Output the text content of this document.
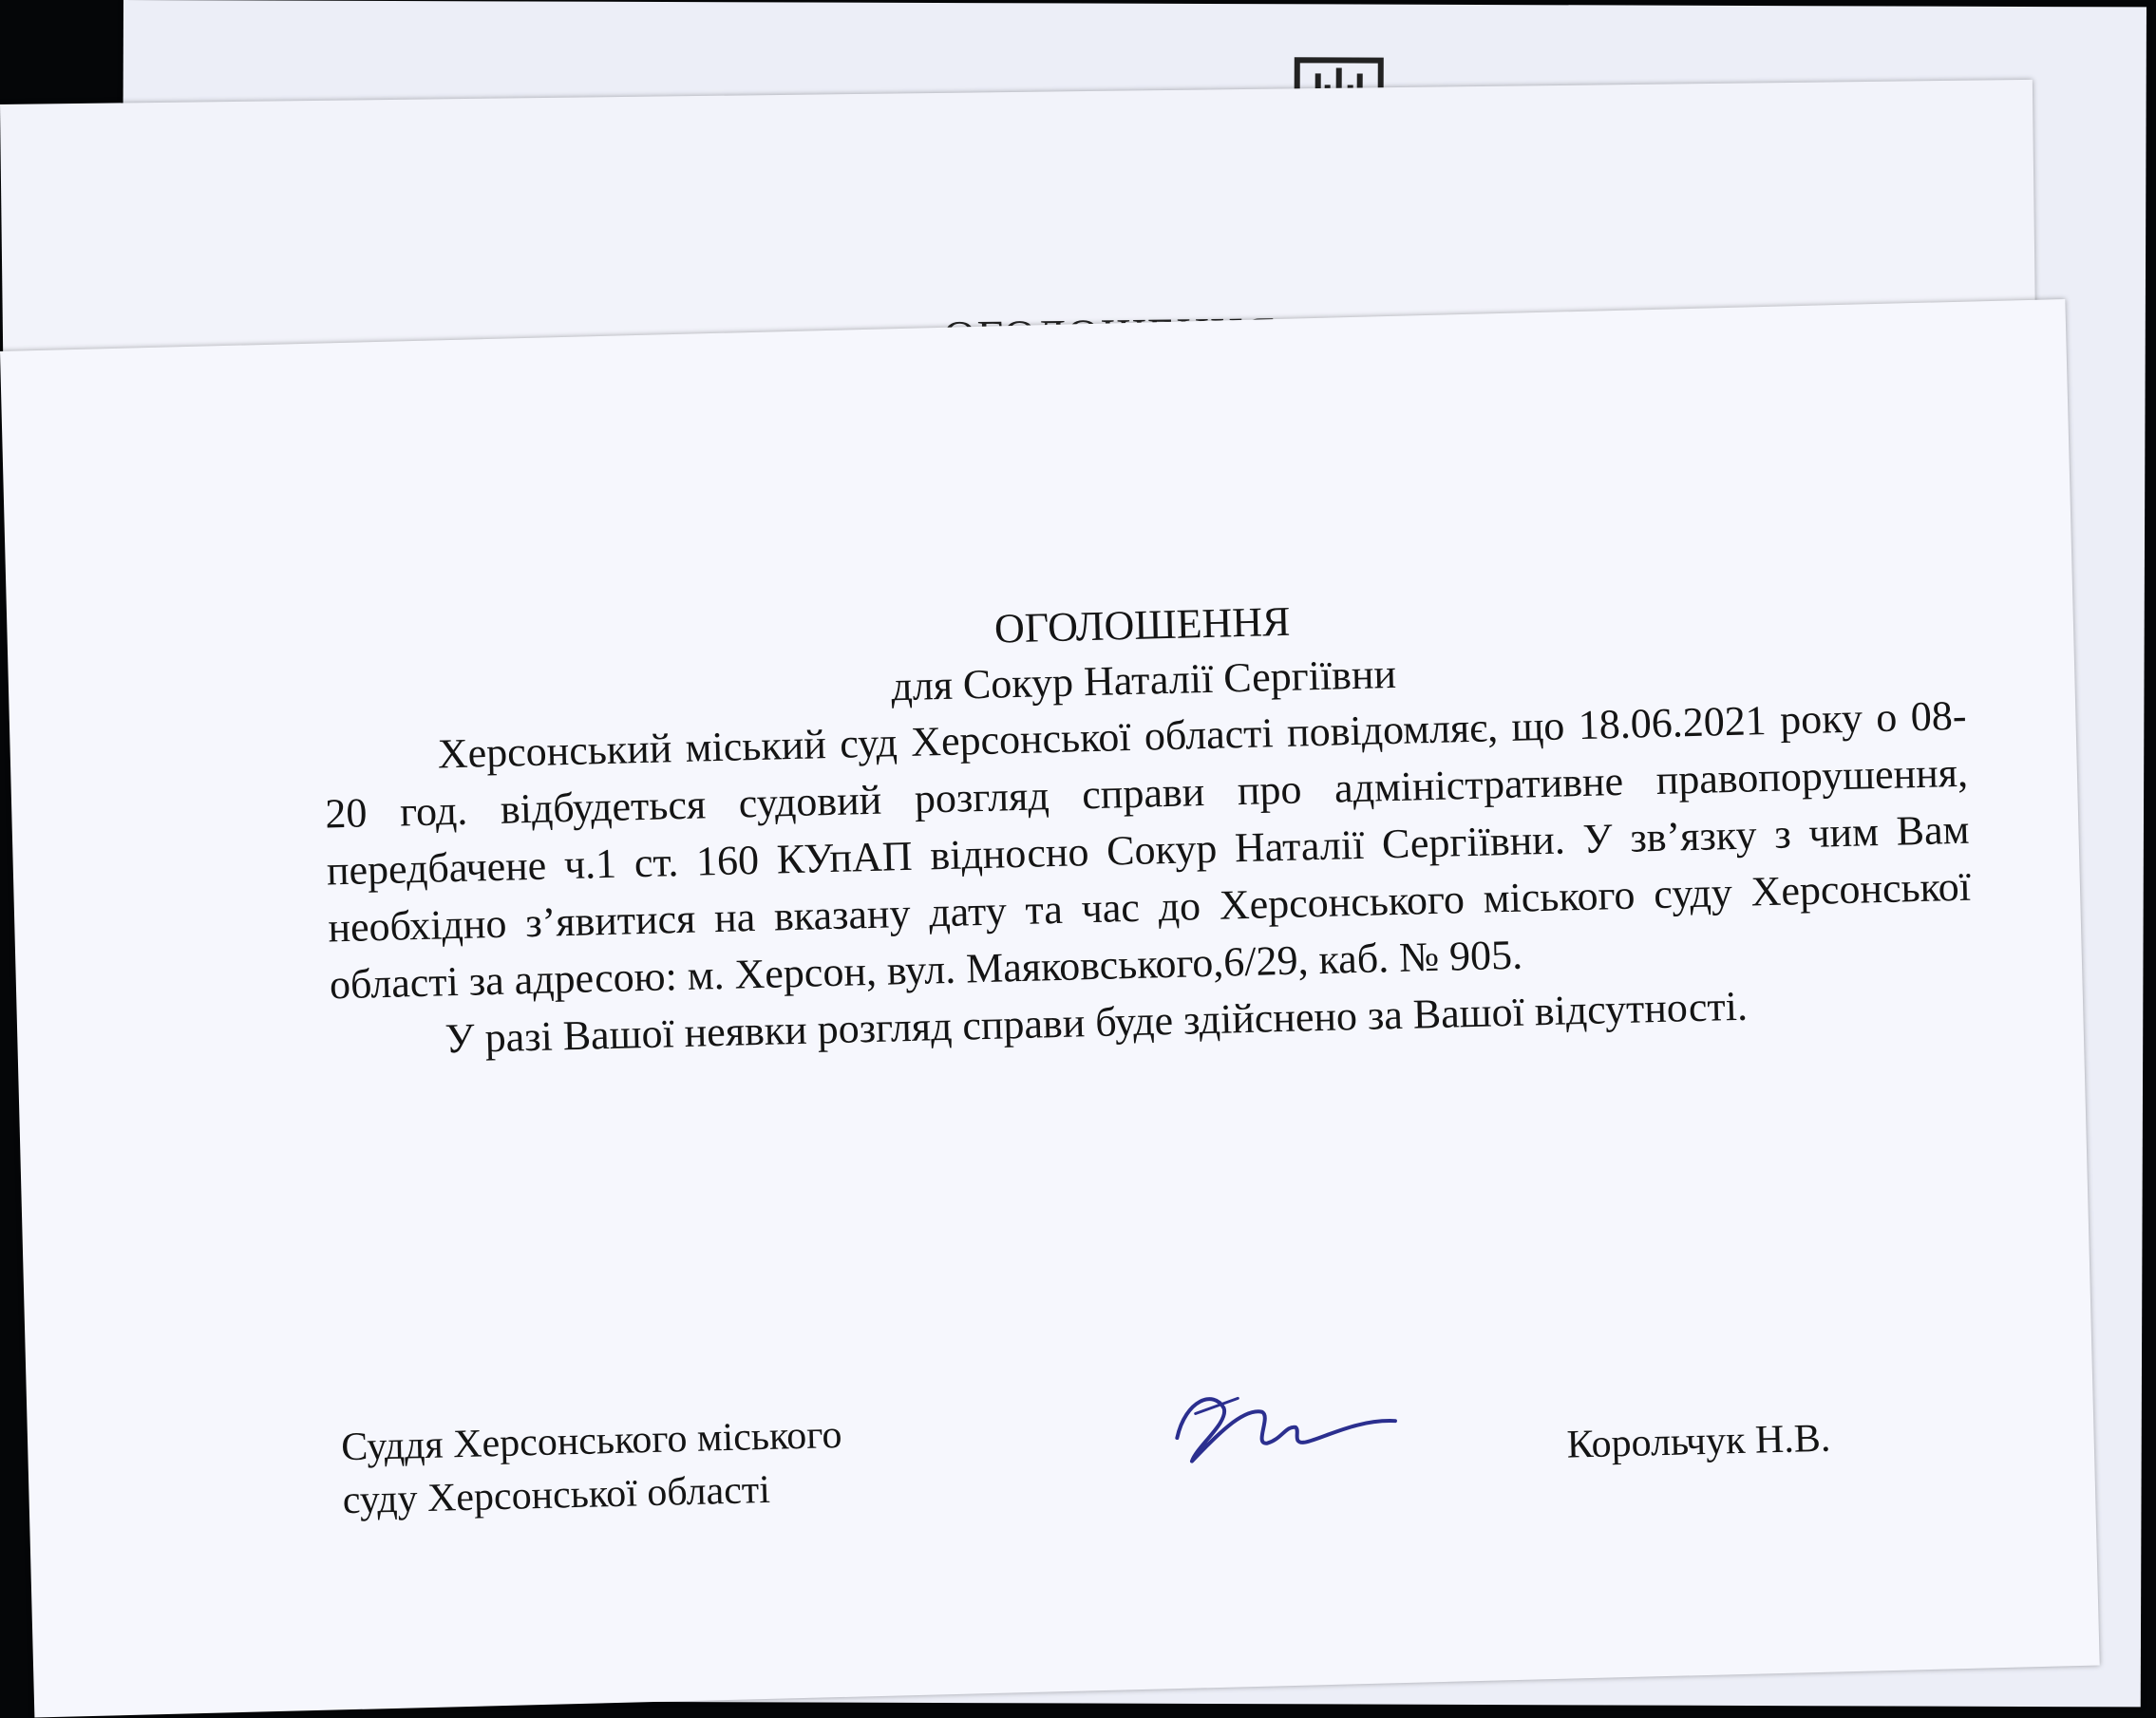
ОГОЛОШЕННЯ

для Сокур Наталії Сергіївни

Херсонський міський суд Херсонської області повідомляє, що 18.06.2021 року о 08-20 год. відбудеться судовий розгляд справи про адміністративне правопорушення, передбачене ч.1 ст. 160 КУпАП відносно Сокур Наталії Сергіївни. У зв’язку з чим Вам необхідно з’явитися на вказану дату та час до Херсонського міського суду Херсонської області за адресою: м. Херсон, вул. Маяковського,6/29, каб. № 905.

У разі Вашої неявки розгляд справи буде здійснено за Вашої відсутності.

Суддя Херсонського міського
суду Херсонської області
Корольчук Н.В.
